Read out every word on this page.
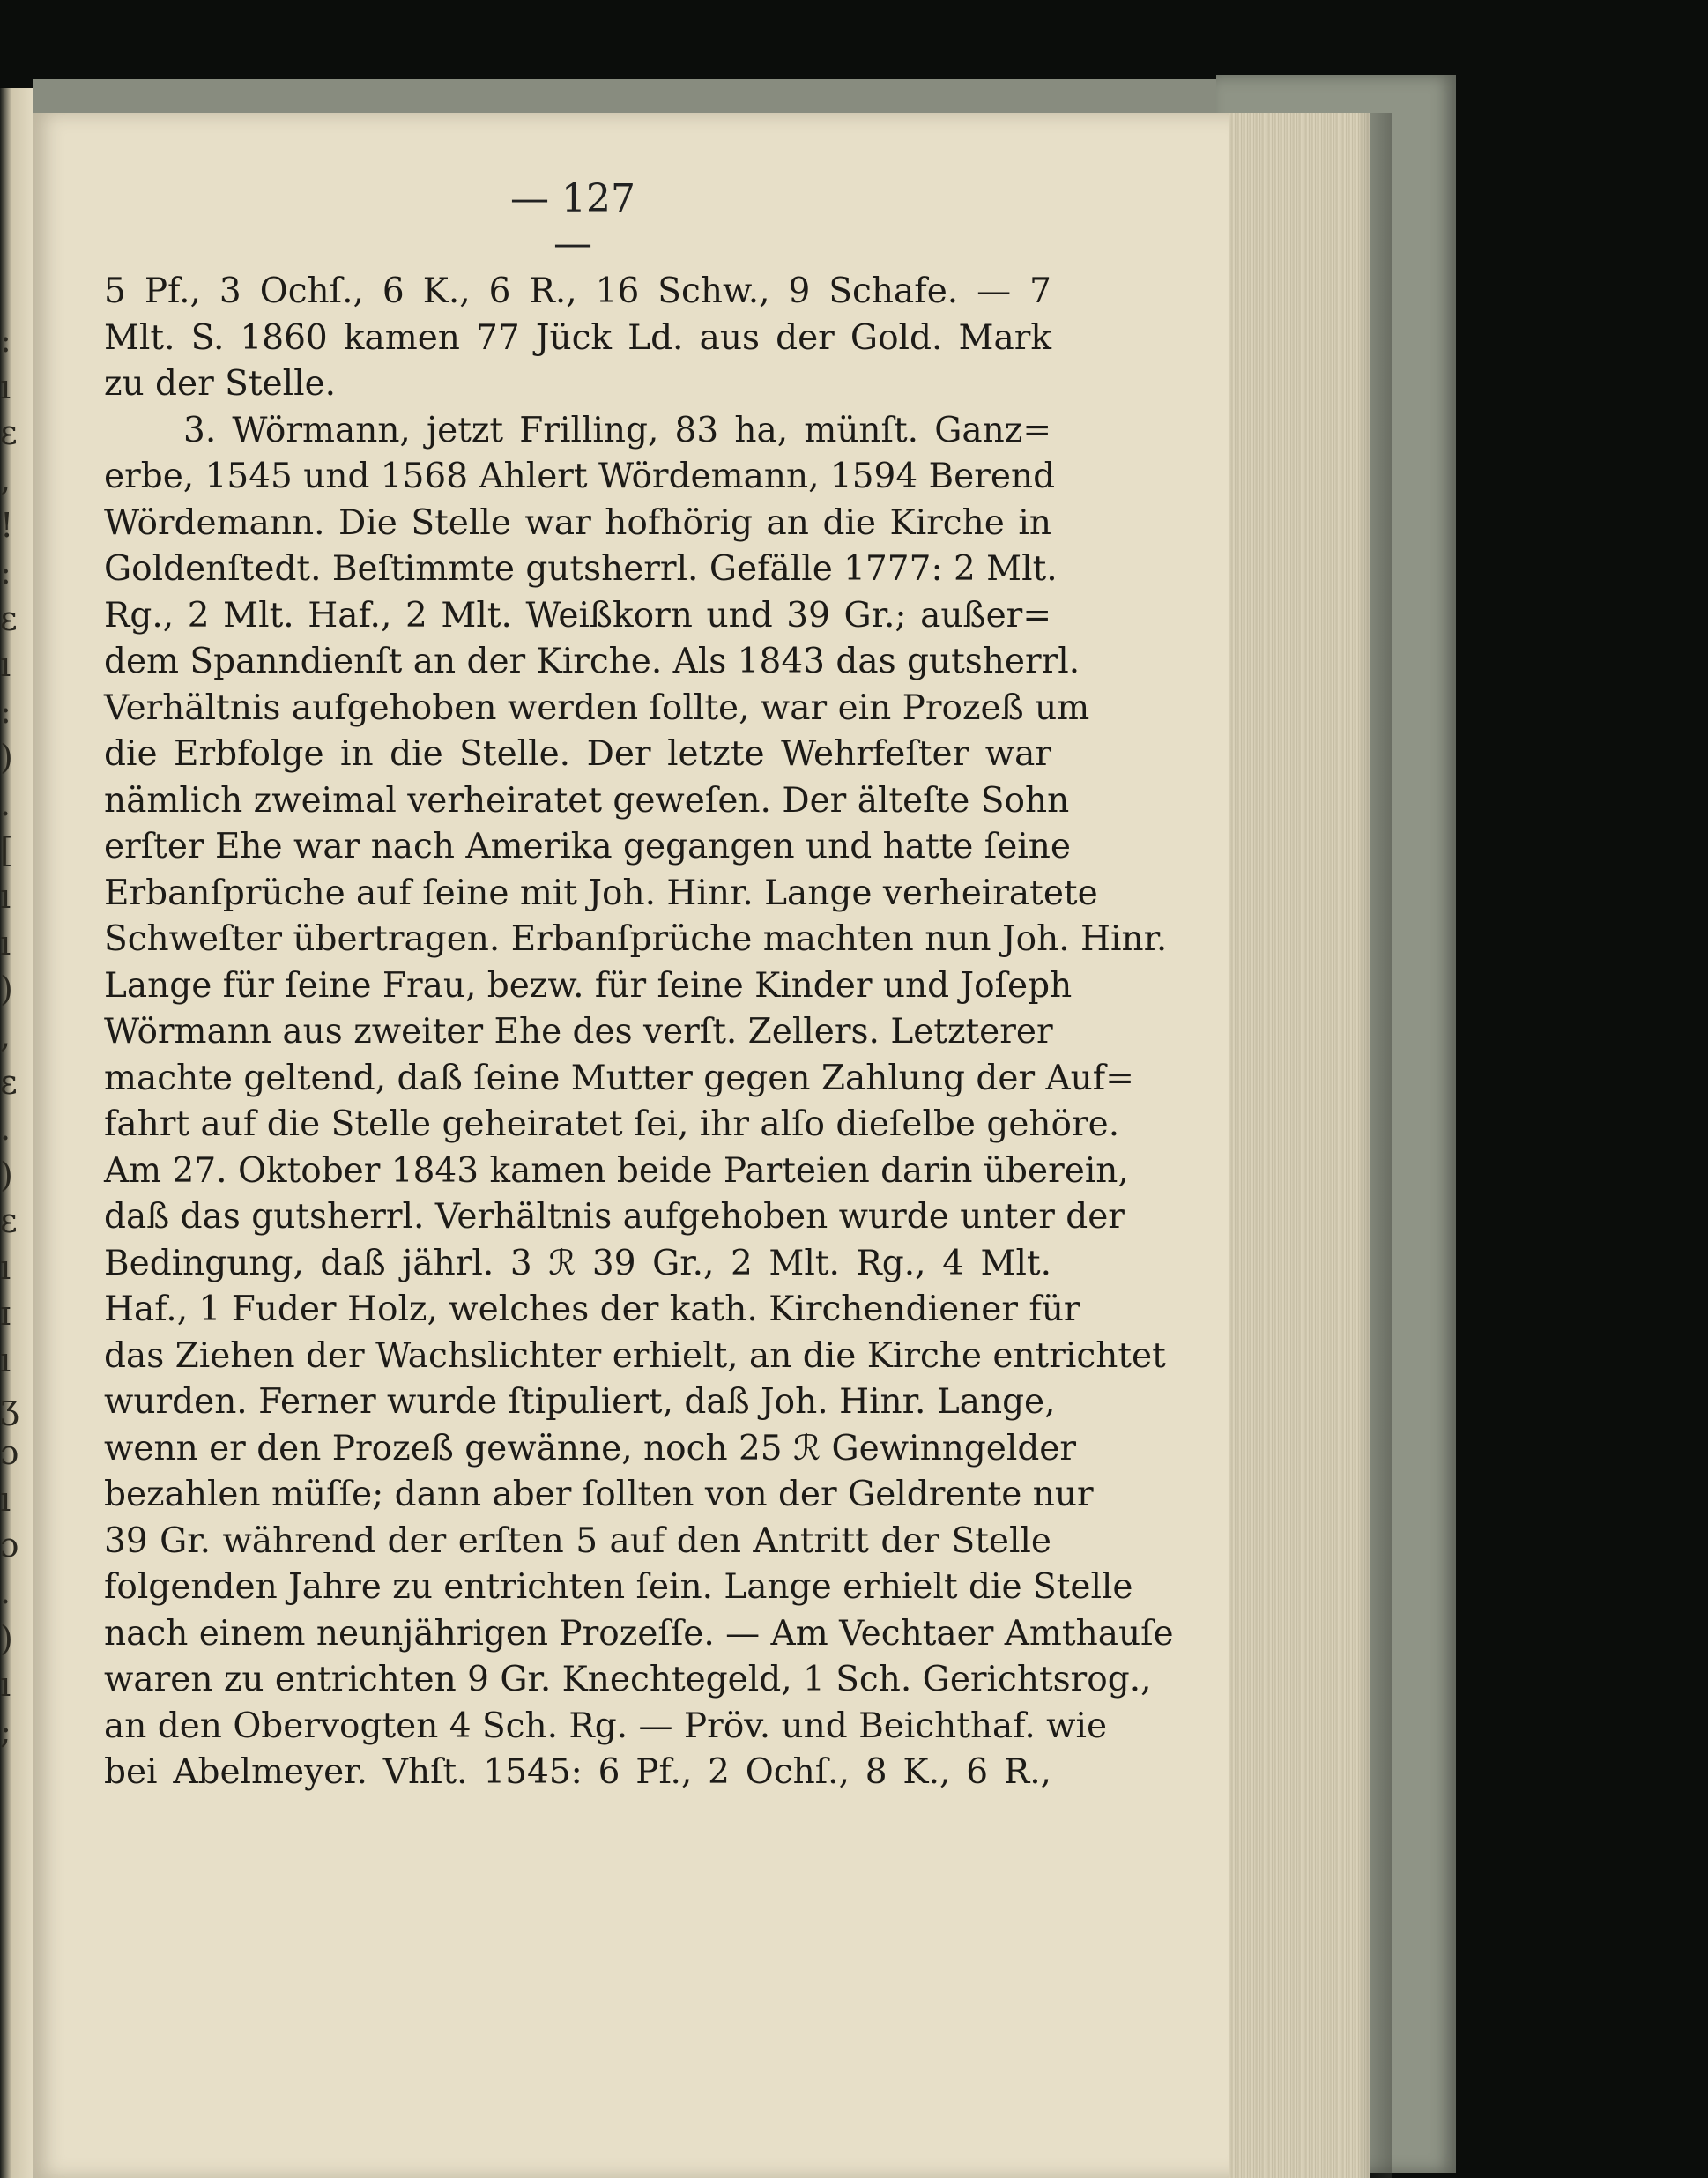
:
ı
ɛ
,
!
:
ɛ
ı
:
)
.
[
ı
ı
)
,
ɛ
.
)
ɛ
ı
ɪ
ı
ʒ
ɔ
ı
ɔ
.
)
ı
;
— 127 —
5 Pf., 3 Ochſ., 6 K., 6 R., 16 Schw., 9 Schafe. — 7
Mlt. S. 1860 kamen 77 Jück Ld. aus der Gold. Mark
zu der Stelle.
3. Wörmann, jetzt Frilling, 83 ha, münſt. Ganz=
erbe, 1545 und 1568 Ahlert Wördemann, 1594 Berend
Wördemann. Die Stelle war hofhörig an die Kirche in
Goldenſtedt. Beſtimmte gutsherrl. Gefälle 1777: 2 Mlt.
Rg., 2 Mlt. Haf., 2 Mlt. Weißkorn und 39 Gr.; außer=
dem Spanndienſt an der Kirche. Als 1843 das gutsherrl.
Verhältnis aufgehoben werden ſollte, war ein Prozeß um
die Erbfolge in die Stelle. Der letzte Wehrfeſter war
nämlich zweimal verheiratet geweſen. Der älteſte Sohn
erſter Ehe war nach Amerika gegangen und hatte ſeine
Erbanſprüche auf ſeine mit Joh. Hinr. Lange verheiratete
Schweſter übertragen. Erbanſprüche machten nun Joh. Hinr.
Lange für ſeine Frau, bezw. für ſeine Kinder und Joſeph
Wörmann aus zweiter Ehe des verſt. Zellers. Letzterer
machte geltend, daß ſeine Mutter gegen Zahlung der Auf=
fahrt auf die Stelle geheiratet ſei, ihr alſo dieſelbe gehöre.
Am 27. Oktober 1843 kamen beide Parteien darin überein,
daß das gutsherrl. Verhältnis aufgehoben wurde unter der
Bedingung, daß jährl. 3 ℛ 39 Gr., 2 Mlt. Rg., 4 Mlt.
Haf., 1 Fuder Holz, welches der kath. Kirchendiener für
das Ziehen der Wachslichter erhielt, an die Kirche entrichtet
wurden. Ferner wurde ſtipuliert, daß Joh. Hinr. Lange,
wenn er den Prozeß gewänne, noch 25 ℛ Gewinngelder
bezahlen müſſe; dann aber ſollten von der Geldrente nur
39 Gr. während der erſten 5 auf den Antritt der Stelle
folgenden Jahre zu entrichten ſein. Lange erhielt die Stelle
nach einem neunjährigen Prozeſſe. — Am Vechtaer Amthauſe
waren zu entrichten 9 Gr. Knechtegeld, 1 Sch. Gerichtsrog.,
an den Obervogten 4 Sch. Rg. — Pröv. und Beichthaf. wie
bei Abelmeyer. Vhſt. 1545: 6 Pf., 2 Ochſ., 8 K., 6 R.,
